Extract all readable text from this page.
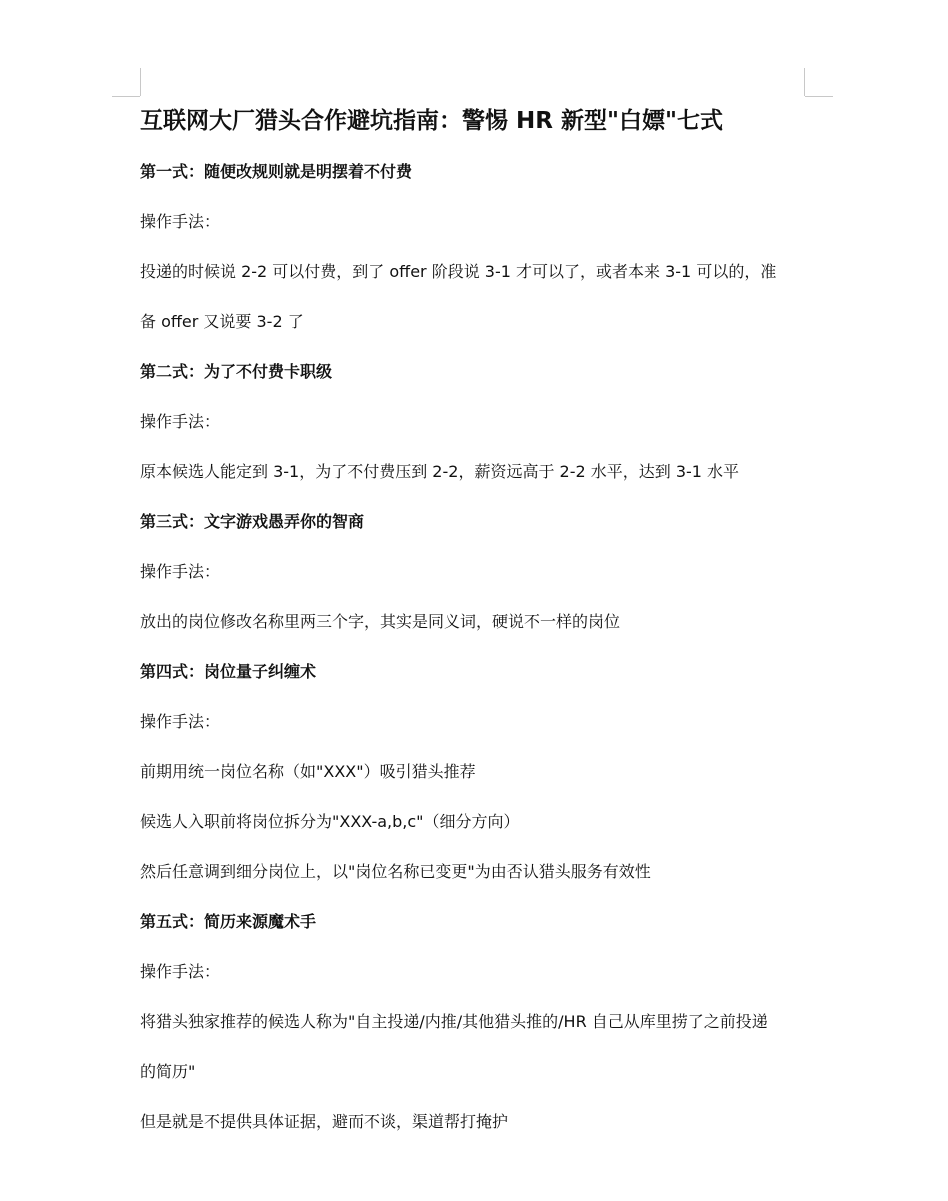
互联网大厂猎头合作避坑指南：警惕 HR 新型"白嫖"七式
第一式：随便改规则就是明摆着不付费
操作手法：
投递的时候说 2-2 可以付费，到了 offer 阶段说 3-1 才可以了，或者本来 3-1 可以的，准
备 offer 又说要 3-2 了
第二式：为了不付费卡职级
操作手法：
原本候选人能定到 3-1，为了不付费压到 2-2，薪资远高于 2-2 水平，达到 3-1 水平
第三式：文字游戏愚弄你的智商
操作手法：
放出的岗位修改名称里两三个字，其实是同义词，硬说不一样的岗位
第四式：岗位量子纠缠术
操作手法：
前期用统一岗位名称（如"XXX"）吸引猎头推荐
候选人入职前将岗位拆分为"XXX-a,b,c"（细分方向）
然后任意调到细分岗位上，以"岗位名称已变更"为由否认猎头服务有效性
第五式：简历来源魔术手
操作手法：
将猎头独家推荐的候选人称为"自主投递/内推/其他猎头推的/HR 自己从库里捞了之前投递
的简历"
但是就是不提供具体证据，避而不谈，渠道帮打掩护
